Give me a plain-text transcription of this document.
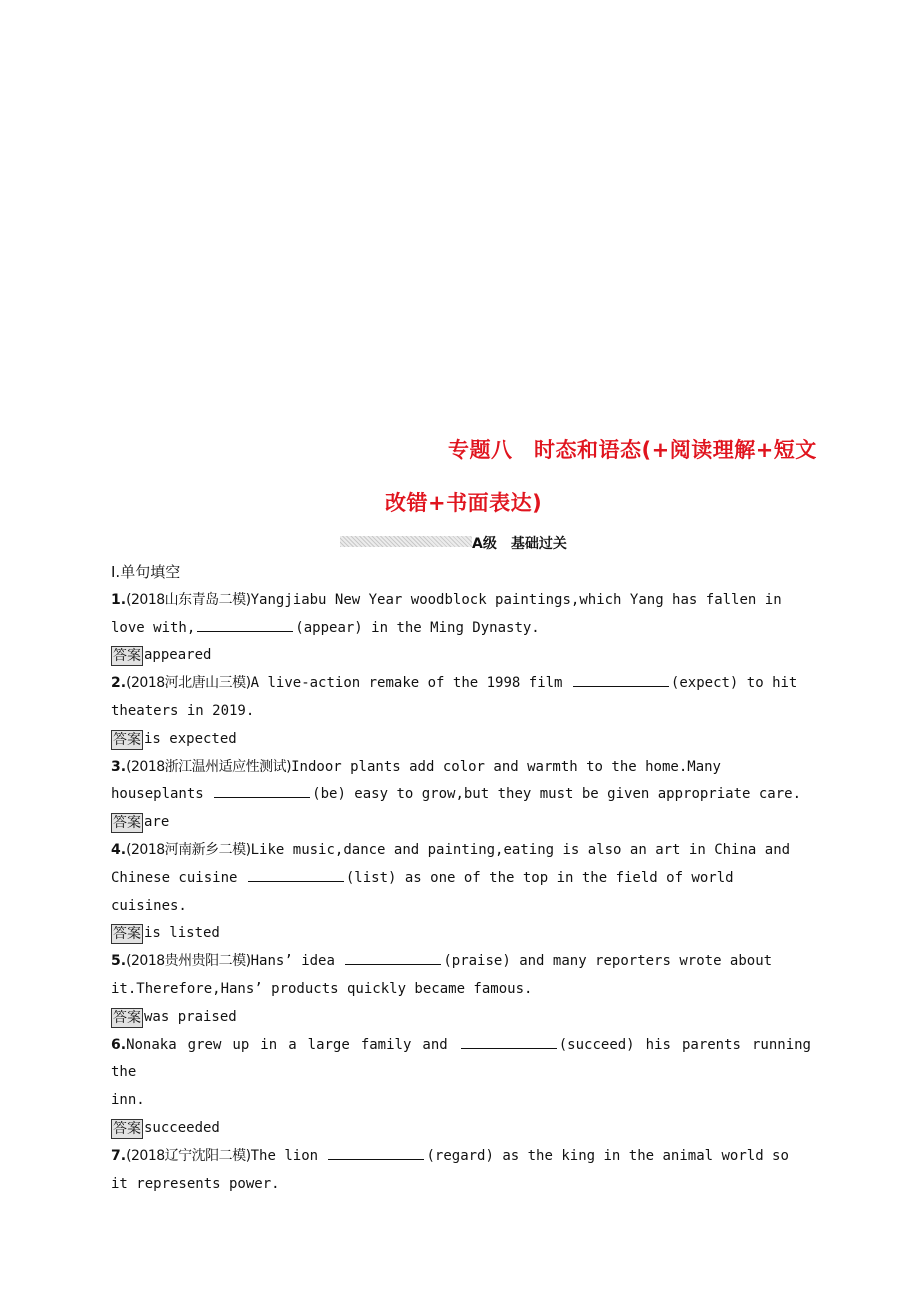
专题八　时态和语态(+阅读理解+短文
改错+书面表达)
A级　基础过关
Ⅰ.单句填空
1.(2018山东青岛二模)Yangjiabu New Year woodblock paintings,which Yang has fallen in
love with,	(appear) in the Ming Dynasty.
答案 appeared
2.(2018河北唐山三模)A live-action remake of the 1998 film	(expect) to hit
theaters in 2019.
答案 is expected
3.(2018浙江温州适应性测试)Indoor plants add color and warmth to the home.Many
houseplants	(be) easy to grow,but they must be given appropriate care.
答案 are
4.(2018河南新乡二模)Like music,dance and painting,eating is also an art in China and
Chinese cuisine	(list) as one of the top in the field of world
cuisines.
答案 is listed
5.(2018贵州贵阳二模)Hans’ idea	(praise) and many reporters wrote about
it.Therefore,Hans’ products quickly became famous.
答案 was praised
6.Nonaka grew up in a large family and	(succeed) his parents running the
inn.
答案 succeeded
7.(2018辽宁沈阳二模)The lion	(regard) as the king in the animal world so
it represents power.
